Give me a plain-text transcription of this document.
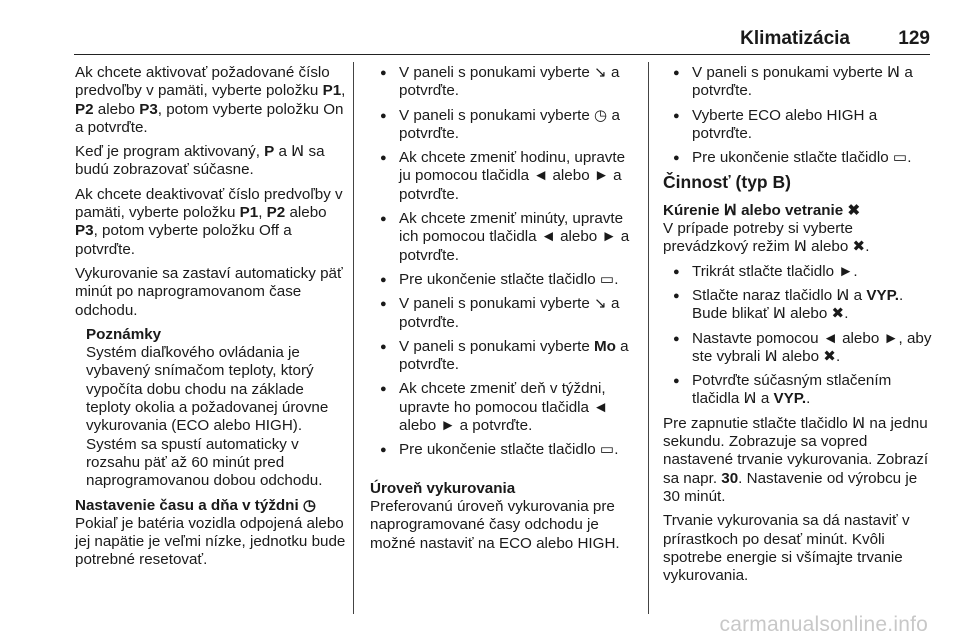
Klimatizácia	129

Ak chcete aktivovať požadované číslo predvoľby v pamäti, vyberte položku P1, P2 alebo P3, potom vyberte položku On a potvrďte.

Keď je program aktivovaný, P a ꟽ sa budú zobrazovať súčasne.

Ak chcete deaktivovať číslo predvoľby v pamäti, vyberte položku P1, P2 alebo P3, potom vyberte položku Off a potvrďte.

Vykurovanie sa zastaví automaticky päť minút po naprogramovanom čase odchodu.

Poznámky
Systém diaľkového ovládania je vybavený snímačom teploty, ktorý vypočíta dobu chodu na základe teploty okolia a požadovanej úrovne vykurovania (ECO alebo HIGH). Systém sa spustí automaticky v rozsahu päť až 60 minút pred naprogramovanou dobou odchodu.

Nastavenie času a dňa v týždni ◷

Pokiaľ je batéria vozidla odpojená alebo jej napätie je veľmi nízke, jednotku bude potrebné resetovať.

● V paneli s ponukami vyberte ↘ a potvrďte.
● V paneli s ponukami vyberte ◷ a potvrďte.
● Ak chcete zmeniť hodinu, upravte ju pomocou tlačidla ◄ alebo ► a potvrďte.
● Ak chcete zmeniť minúty, upravte ich pomocou tlačidla ◄ alebo ► a potvrďte.
● Pre ukončenie stlačte tlačidlo ▭.
● V paneli s ponukami vyberte ↘ a potvrďte.
● V paneli s ponukami vyberte Mo a potvrďte.
● Ak chcete zmeniť deň v týždni, upravte ho pomocou tlačidla ◄ alebo ► a potvrďte.
● Pre ukončenie stlačte tlačidlo ▭.

Úroveň vykurovania

Preferovanú úroveň vykurovania pre naprogramované časy odchodu je možné nastaviť na ECO alebo HIGH.

● V paneli s ponukami vyberte ꟽ a potvrďte.
● Vyberte ECO alebo HIGH a potvrďte.
● Pre ukončenie stlačte tlačidlo ▭.
Činnosť (typ B)

Kúrenie ꟽ alebo vetranie ✖

V prípade potreby si vyberte prevádzkový režim ꟽ alebo ✖.

● Trikrát stlačte tlačidlo ►.
● Stlačte naraz tlačidlo ꟽ a VYP.. Bude blikať ꟽ alebo ✖.
● Nastavte pomocou ◄ alebo ►, aby ste vybrali ꟽ alebo ✖.
● Potvrďte súčasným stlačením tlačidla ꟽ a VYP..

Pre zapnutie stlačte tlačidlo ꟽ na jednu sekundu. Zobrazuje sa vopred nastavené trvanie vykurovania. Zobrazí sa napr. 30. Nastavenie od výrobcu je 30 minút.

Trvanie vykurovania sa dá nastaviť v prírastkoch po desať minút. Kvôli spotrebe energie si všímajte trvanie vykurovania.

carmanualsonline.info
